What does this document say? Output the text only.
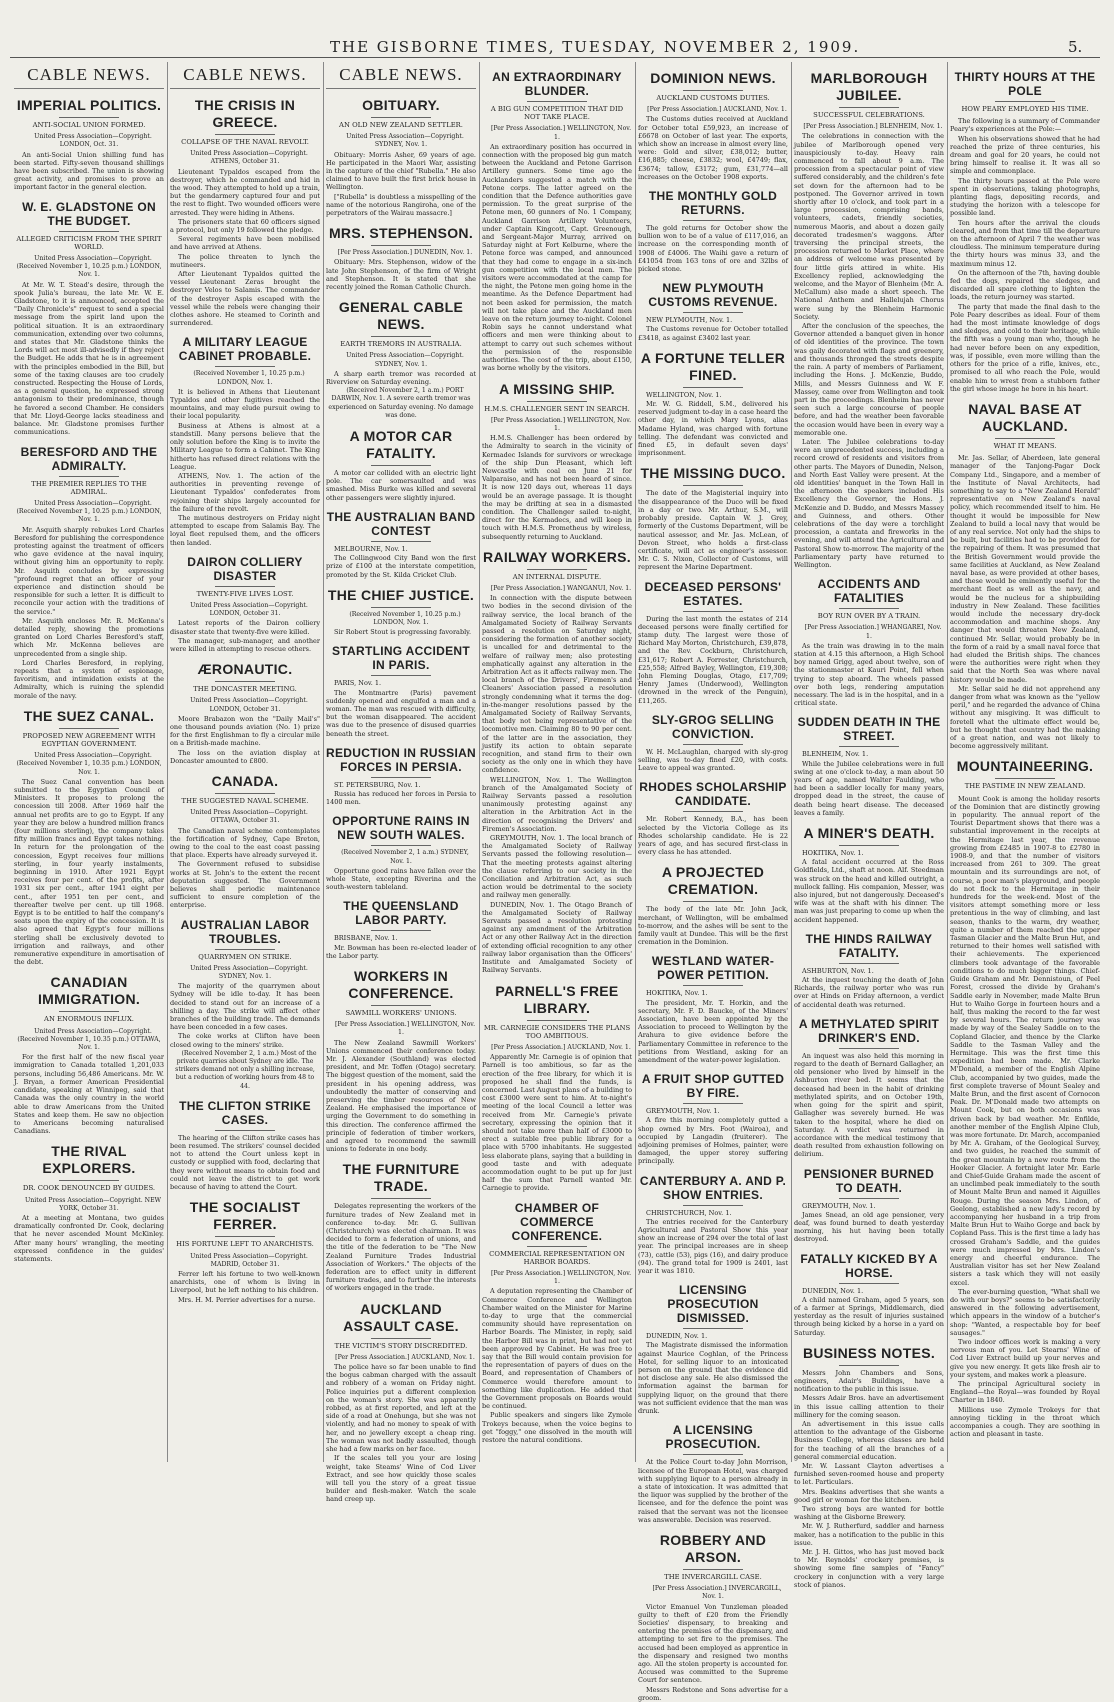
THE GISBORNE TIMES, TUESDAY, NOVEMBER 2, 1909.	5.
CABLE NEWS.
IMPERIAL POLITICS.
ANTI-SOCIAL UNION FORMED.

United Press Association—Copyright. LONDON, Oct. 31.

An anti-Social Union shilling fund has been started. Fifty-seven thousand shillings have been subscribed. The union is showing great activity, and promises to prove an important factor in the general election.

W. E. GLADSTONE ON THE BUDGET.
ALLEGED CRITICISM FROM THE SPIRIT WORLD.

United Press Association—Copyright. (Received November 1, 10.25 p.m.) LONDON, Nov. 1.

At Mr. W. T. Stead's desire, through the spook Julia's bureau, the late Mr. W. E. Gladstone, to it is announced, accepted the "Daily Chronicle's" request to send a special message from the spirit land upon the political situation. It is an extraordinary communication, extending over two columns, and states that Mr. Gladstone thinks the Lords will act most ill-advisedly if they reject the Budget. He adds that he is in agreement with the principles embodied in the Bill, but some of the taxing clauses are too crudely constructed. Respecting the House of Lords, as a general question, he expressed strong antagonism to their predominance, though he favored a second Chamber. He considers that Mr. Lloyd-George lacks steadiness and balance. Mr. Gladstone promises further communications.

BERESFORD AND THE ADMIRALTY.
THE PREMIER REPLIES TO THE ADMIRAL.

United Press Association—Copyright. (Received November 1, 10.25 p.m.) LONDON, Nov. 1.

Mr. Asquith sharply rebukes Lord Charles Beresford for publishing the correspondence protesting against the treatment of officers who gave evidence at the naval inquiry, without giving him an opportunity to reply. Mr. Asquith concludes by expressing "profound regret that an officer of your experience and distinction should be responsible for such a letter. It is difficult to reconcile your action with the traditions of the service."

Mr. Asquith encloses Mr. R. McKenna's detailed reply, showing the promotions granted on Lord Charles Beresford's staff, which Mr. McKenna believes are unprecedented from a single ship.

Lord Charles Beresford, in replying, repeats that a system of espionage, favoritism, and intimidation exists at the Admiralty, which is ruining the splendid morale of the navy.

THE SUEZ CANAL.
PROPOSED NEW AGREEMENT WITH EGYPTIAN GOVERNMENT.

United Press Association—Copyright. (Received November 1, 10.35 p.m.) LONDON, Nov. 1.

The Suez Canal convention has been submitted to the Egyptian Council of Ministers. It proposes to prolong the concession till 2008. After 1969 half the annual net profits are to go to Egypt. If any year they are below a hundred million francs (four millions sterling), the company takes fifty million francs and Egypt takes nothing. In return for the prolongation of the concession, Egypt receives four millions sterling, in four yearly instalments, beginning in 1910. After 1921 Egypt receives four per cent. of the profits, after 1931 six per cent., after 1941 eight per cent., after 1951 ten per cent., and thereafter twelve per cent. up till 1968. Egypt is to be entitled to half the company's seats upon the expiry of the concession. It is also agreed that Egypt's four millions sterling shall be exclusively devoted to irrigation and railways, and other remunerative expenditure in amortisation of the debt.

CANADIAN IMMIGRATION.
AN ENORMOUS INFLUX.

United Press Association—Copyright. (Received November 1, 10.35 p.m.) OTTAWA, Nov. 1.

For the first half of the new fiscal year immigration to Canada totalled 1,201,033 persons, including 56,486 Americans. Mr. W. J. Bryan, a former American Presidential candidate, speaking at Winnipeg, said that Canada was the only country in the world able to draw Americans from the United States and keep them. He saw no objection to Americans becoming naturalised Canadians.

THE RIVAL EXPLORERS.
DR. COOK DENOUNCED BY GUIDES.

United Press Association—Copyright. NEW YORK, October 31.

At a meeting at Montana, two guides dramatically confronted Dr. Cook, declaring that he never ascended Mount McKinley. After many hours' wrangling, the meeting expressed confidence in the guides' statements.

CABLE NEWS.
THE CRISIS IN GREECE.
COLLAPSE OF THE NAVAL REVOLT.

United Press Association—Copyright. ATHENS, October 31.

Lieutenant Typaldos escaped from the destroyer, which he commanded and hid in the wood. They attempted to hold up a train, but the gendarmery captured four and put the rest to flight. Two wounded officers were arrested. They were hiding in Athens.

The prisoners state that 60 officers signed a protocol, but only 19 followed the pledge.

Several regiments have been mobilised and have arrived at Athens.

The police threaten to lynch the mutineers.

After Lieutenant Typaldos quitted the vessel Lieutenant Zeras brought the destroyer Velos to Salamis. The commander of the destroyer Aspis escaped with the vessel while the rebels were changing their clothes ashore. He steamed to Corinth and surrendered.

A MILITARY LEAGUE CABINET PROBABLE.

(Received November 1, 10.25 p.m.) LONDON, Nov. 1.

It is believed in Athens that Lieutenant Typaldos and other fugitives reached the mountains, and may elude pursuit owing to their local popularity.

Business at Athens is almost at a standstill. Many persons believe that the only solution before the King is to invite the Military League to form a Cabinet. The King hitherto has refused direct relations with the League.

ATHENS, Nov. 1. The action of the authorities in preventing revenge of Lieutenant Typaldos' confederates from rejoining their ships largely accounted for the failure of the revolt.

The mutinous destroyers on Friday night attempted to escape from Salamis Bay. The loyal fleet repulsed them, and the officers then landed.

DAIRON COLLIERY DISASTER
TWENTY-FIVE LIVES LOST.

United Press Association—Copyright. LONDON, October 31.

Latest reports of the Dairon colliery disaster state that twenty-five were killed.

The manager, sub-manager, and another were killed in attempting to rescue others.

ÆRONAUTIC.
THE DONCASTER MEETING.

United Press Association—Copyright. LONDON, October 31.

Moore Brabazon won the "Daily Mail's" one thousand pounds aviation (No. 1) prize for the first Englishman to fly a circular mile on a British-made machine.

The loss on the aviation display at Doncaster amounted to £800.

CANADA.
THE SUGGESTED NAVAL SCHEME.

United Press Association—Copyright. OTTAWA, October 31.

The Canadian naval scheme contemplates the fortification of Sydney, Cape Breton, owing to the coal to the east coast passing that place. Experts have already surveyed it.

The Government refused to subsidise works at St. John's to the extent the recent deputation suggested. The Government believes shall periodic maintenance sufficient to ensure completion of the enterprise.

AUSTRALIAN LABOR TROUBLES.
QUARRYMEN ON STRIKE.

United Press Association—Copyright. SYDNEY, Nov. 1.

The majority of the quarrymen about Sydney will be idle to-day. It has been decided to stand out for an increase of a shilling a day. The strike will affect other branches of the building trade. The demands have been conceded in a few cases.

The coke works at Clifton have been closed owing to the miners' strike.

(Received November 2, 1 a.m.) Most of the private quarries about Sydney are idle. The strikers demand not only a shilling increase, but a reduction of working hours from 48 to 44.

THE CLIFTON STRIKE CASES.

The hearing of the Clifton strike cases has been resumed. The strikers' counsel decided not to attend the Court unless kept in custody or supplied with food, declaring that they were without means to obtain food and could not leave the district to get work because of having to attend the Court.

THE SOCIALIST FERRER.
HIS FORTUNE LEFT TO ANARCHISTS.

United Press Association—Copyright. MADRID, October 31.

Ferrer left his fortune to two well-known anarchists, one of whom is living in Liverpool, but he left nothing to his children.

Mrs. H. M. Perrier advertises for a nurse.

CABLE NEWS.
OBITUARY.
AN OLD NEW ZEALAND SETTLER.

United Press Association—Copyright. SYDNEY, Nov. 1.

Obituary: Morris Asher, 69 years of age. He participated in the Maori War, assisting in the capture of the chief "Rubella." He also claimed to have built the first brick house in Wellington.

["Rubella" is doubtless a misspelling of the name of the notorious Rangiroha, one of the perpetrators of the Wairau massacre.]

MRS. STEPHENSON.

[Per Press Association.] DUNEDIN, Nov. 1.

Obituary: Mrs. Stephenson, widow of the late John Stephenson, of the firm of Wright and Stephenson. It is stated that she recently joined the Roman Catholic Church.

GENERAL CABLE NEWS.
EARTH TREMORS IN AUSTRALIA.

United Press Association—Copyright. SYDNEY, Nov. 1.

A sharp earth tremor was recorded at Riverview on Saturday evening.

(Received November 2, 1 a.m.) PORT DARWIN, Nov. 1. A severe earth tremor was experienced on Saturday evening. No damage was done.

A MOTOR CAR FATALITY.

A motor car collided with an electric light pole. The car somersaulted and was smashed. Miss Burke was killed and several other passengers were slightly injured.

THE AUSTRALIAN BAND CONTEST

MELBOURNE, Nov. 1.

The Collingwood City Band won the first prize of £100 at the interstate competition, promoted by the St. Kilda Cricket Club.

THE CHIEF JUSTICE.

(Received November 1, 10.25 p.m.) LONDON, Nov. 1.

Sir Robert Stout is progressing favorably.

STARTLING ACCIDENT IN PARIS.

PARIS, Nov. 1.

The Montmartre (Paris) pavement suddenly opened and engulfed a man and a woman. The man was rescued with difficulty, but the woman disappeared. The accident was due to the presence of disused quarries beneath the street.

REDUCTION IN RUSSIAN FORCES IN PERSIA.

ST. PETERSBURG, Nov. 1.

Russia has reduced her forces in Persia to 1400 men.

OPPORTUNE RAINS IN NEW SOUTH WALES.

(Received November 2, 1 a.m.) SYDNEY, Nov. 1.

Opportune good rains have fallen over the whole State, excepting Riverina and the south-western tableland.

THE QUEENSLAND LABOR PARTY.

BRISBANE, Nov. 1.

Mr. Bowman has been re-elected leader of the Labor party.

WORKERS IN CONFERENCE.
SAWMILL WORKERS' UNIONS.

[Per Press Association.] WELLINGTON, Nov. 1.

The New Zealand Sawmill Workers' Unions commenced their conference today. Mr. J. Alexander (Southland) was elected president, and Mr. Toffen (Otago) secretary. The biggest question of the moment, said the president in his opening address, was undoubtedly the matter of conserving and preserving the timber resources of New Zealand. He emphasised the importance of urging the Government to do something in this direction. The conference affirmed the principle of federation of timber workers, and agreed to recommend the sawmill unions to federate in one body.

THE FURNITURE TRADE.

Delegates representing the workers of the furniture trades of New Zealand met in conference to-day. Mr. G. Sullivan (Christchurch) was elected chairman. It was decided to form a federation of unions, and the title of the federation to be "The New Zealand Furniture Trades Industrial Association of Workers." The objects of the federation are to effect unity in different furniture trades, and to further the interests of workers engaged in the trade.

AUCKLAND ASSAULT CASE.
THE VICTIM'S STORY DISCREDITED.

[Per Press Association.] AUCKLAND, Nov. 1.

The police have so far been unable to find the bogus cabman charged with the assault and robbery of a woman on Friday night. Police inquiries put a different complexion on the woman's story. She was apparently robbed, as at first reported, and left at the side of a road at Onehunga, but she was not violently, and had no money to speak of with her, and no jewellery except a cheap ring. The woman was not badly assaulted, though she had a few marks on her face.

If the scales tell you your are losing weight, take Steams' Wine of Cod Liver Extract, and see how quickly those scales will tell you the story of a great tissue builder and flesh-maker. Watch the scale hand creep up.

AN EXTRAORDINARY BLUNDER.
A BIG GUN COMPETITION THAT DID NOT TAKE PLACE.

[Per Press Association.] WELLINGTON, Nov. 1.

An extraordinary position has occurred in connection with the proposed big gun match between the Auckland and Petone Garrison Artillery gunners. Some time ago the Aucklanders suggested a match with the Petone corps. The latter agreed on the condition that the Defence authorities gave permission. To the great surprise of the Petone men, 60 gunners of No. 1 Company, Auckland Garrison Artillery Volunteers, under Captain Kingcott, Capt. Greenough, and Sergeant-Major Murray, arrived on Saturday night at Fort Kelburne, where the Petone force was camped, and announced that they had come to engage in a six-inch gun competition with the local men. The visitors were accommodated at the camp for the night, the Petone men going home in the meantime. As the Defence Department had not been asked for permission, the match will not take place and the Auckland men leave on the return journey to-night. Colonel Robin says he cannot understand what officers and men were thinking about to attempt to carry out such schemes without the permission of the responsible authorities. The cost of the trip, about £150, was borne wholly by the visitors.

A MISSING SHIP.
H.M.S. CHALLENGER SENT IN SEARCH.

[Per Press Association.] WELLINGTON, Nov. 1.

H.M.S. Challenger has been ordered by the Admiralty to search in the vicinity of Kermadec Islands for survivors or wreckage of the ship Dun Pleasant, which left Newcastle with coal on June 21 for Valparaiso, and has not been heard of since. It is now 120 days out, whereas 11 days would be an average passage. It is thought the may be drifting at sea in a dismasted condition. The Challenger sailed to-night, direct for the Kermadecs, and will keep in touch with H.M.S. Prometheus by wireless, subsequently returning to Auckland.

RAILWAY WORKERS.
AN INTERNAL DISPUTE.

[Per Press Association.] WANGANUI, Nov. 1.

In connection with the dispute between two bodies in the second division of the railway service, the local branch of the Amalgamated Society of Railway Servants passed a resolution on Saturday night, considering the formation of another society is uncalled for and detrimental to the welfare of railway men; also protesting emphatically against any alteration in the Arbitration Act as it affects railway men. The local branch of the Drivers', Firemen's and Cleaners' Association passed a resolution strongly condemning what it terms the dog-in-the-manger resolutions passed by the Amalgamated Society of Railway Servants, that body not being representative of the locomotive men. Claiming 80 to 90 per cent. of the latter are in the association, they justify its action to obtain separate recognition, and stand firm to their own society as the only one in which they have confidence.

WELLINGTON, Nov. 1. The Wellington branch of the Amalgamated Society of Railway Servants passed a resolution unanimously protesting against any alteration in the Arbitration Act in the direction of recognising the Drivers' and Firemen's Association.

GREYMOUTH, Nov. 1. The local branch of the Amalgamated Society of Railway Servants passed the following resolution—That the meeting protests against altering the clause referring to our society in the Conciliation and Arbitration Act, as such action would be detrimental to the society and railway men generally.

DUNEDIN, Nov. 1. The Otago Branch of the Amalgamated Society of Railway Servants passed a resolution protesting against any amendment of the Arbitration Act or any other Railway Act in the direction of extending official recognition to any other railway labor organisation than the Officers' Institute and Amalgamated Society of Railway Servants.

PARNELL'S FREE LIBRARY.
MR. CARNEGIE CONSIDERS THE PLANS TOO AMBITIOUS.

[Per Press Association.] AUCKLAND, Nov. 1.

Apparently Mr. Carnegie is of opinion that Parnell is too ambitious, so far as the erection of the free library, for which it is proposed he shall find the funds, is concerned. Last August plans of a building to cost £3000 were sent to him. At to-night's meeting of the local Council a letter was received from Mr. Carnegie's private secretary, expressing the opinion that it should not take more than half of £3000 to erect a suitable free public library for a place with 5700 inhabitants. He suggested less elaborate plans, saying that a building in good taste and with adequate accommodation ought to be put up for just half the sum that Parnell wanted Mr. Carnegie to provide.

CHAMBER OF COMMERCE CONFERENCE.
COMMERCIAL REPRESENTATION ON HARBOR BOARDS.

[Per Press Association.] WELLINGTON, Nov. 1.

A deputation representing the Chamber of Commerce Conference and Wellington Chamber waited on the Minister for Marine to-day to urge that the commercial community should have representation on Harbor Boards. The Minister, in reply, said the Harbor Bill was in print, but had not yet been approved by Cabinet. He was free to say that the Bill would contain provision for the representation of payers of dues on the Board, and representation of Chambers of Commerce would therefore amount to something like duplication. He added that the Government proposals on Boards would be continued.

Public speakers and singers like Zymole Trokeys because, when the voice begins to get "foggy," one dissolved in the mouth will restore the natural conditions.

DOMINION NEWS.
AUCKLAND CUSTOMS DUTIES.

[Per Press Association.] AUCKLAND, Nov. 1.

The Customs duties received at Auckland for October total £59,923, an increase of £6678 on October of last year. The exports, which show an increase in almost every line, were: Gold and silver, £38,012; butter, £16,885; cheese, £3832; wool, £4749; flax, £3674; tallow, £3172; gum, £31,774—all increases on the October 1908 exports.

THE MONTHLY GOLD RETURNS.

The gold returns for October show the bullion won to be of a value of £117,016, an increase on the corresponding month of 1908 of £4006. The Waihi gave a return of £41054 from 163 tons of ore and 32lbs of picked stone.

NEW PLYMOUTH CUSTOMS REVENUE.

NEW PLYMOUTH, Nov. 1.

The Customs revenue for October totalled £3418, as against £3402 last year.

A FORTUNE TELLER FINED.

WELLINGTON, Nov. 1.

Mr. W. G. Riddell, S.M., delivered his reserved judgment to-day in a case heard the other day, in which Mary Lyons, alias Madame Hyland, was charged with fortune telling. The defendant was convicted and fined £5, in default seven days' imprisonment.

THE MISSING DUCO.

The date of the Magisterial inquiry into the disappearance of the Duco will be fixed in a day or two. Mr. Arthur, S.M., will probably preside. Captain W. J. Grey, formerly of the Customs Department, will be nautical assessor, and Mr. Jas. McLean, of Devon Street, who holds a first-class certificate, will act as engineer's assessor. Mr. C. S. Nixon, Collector of Customs, will represent the Marine Department.

DECEASED PERSONS' ESTATES.

During the last month the estates of 214 deceased persons were finally certified for stamp duty. The largest were those of Richard May Morton, Christchurch, £39,878, and the Rev. Cockburn, Christchurch, £31,617; Robert A. Forrester, Christchurch, £25,558; Alfred Bayley, Wellington, £19,308; John Fleming Douglas, Otago, £17,709; Henry James (Underwood), Wellington (drowned in the wreck of the Penguin), £11,265.

SLY-GROG SELLING CONVICTION.

W. H. McLaughlan, charged with sly-grog selling, was to-day fined £20, with costs. Leave to appeal was granted.

RHODES SCHOLARSHIP CANDIDATE.

Mr. Robert Kennedy, B.A., has been selected by the Victoria College as its Rhodes scholarship candidate. He is 22 years of age, and has secured first-class in every class he has attended.

A PROJECTED CREMATION.

The body of the late Mr. John Jack, merchant, of Wellington, will be embalmed to-morrow, and the ashes will be sent to the family vault at Dundee. This will be the first cremation in the Dominion.

WESTLAND WATER-POWER PETITION.

HOKITIKA, Nov. 1.

The president, Mr. T. Horkin, and the secretary, Mr. F. D. Baucke, of the Miners' Association, have been appointed by the Association to proceed to Wellington by the Arahura to give evidence before the Parliamentary Committee in reference to the petitions from Westland, asking for an amendment of the water-power legislation.

A FRUIT SHOP GUTTED BY FIRE.

GREYMOUTH, Nov. 1.

A fire this morning completely gutted a shop owned by Mrs. Foot (Wairoa), and occupied by Langadin (fruiterer). The adjoining premises of Holmes, painter, were damaged, the upper storey suffering principally.

CANTERBURY A. AND P. SHOW ENTRIES.

CHRISTCHURCH, Nov. 1.

The entries received for the Canterbury Agricultural and Pastoral Show this year show an increase of 294 over the total of last year. The principal increases are in sheep (73), cattle (53), pigs (16), and dairy produce (94). The grand total for 1909 is 2401, last year it was 1810.

LICENSING PROSECUTION DISMISSED.

DUNEDIN, Nov. 1.

The Magistrate dismissed the information against Maurice Coghlan, of the Princess Hotel, for selling liquor to an intoxicated person on the ground that the evidence did not disclose any sale. He also dismissed the information against the barman for supplying liquor, on the ground that there was not sufficient evidence that the man was drunk.

A LICENSING PROSECUTION.

At the Police Court to-day John Morrison, licensee of the European Hotel, was charged with supplying liquor to a person already in a state of intoxication. It was admitted that the liquor was supplied by the brother of the licensee, and for the defence the point was raised that the servant was not the licensee was answerable. Decision was reserved.

ROBBERY AND ARSON.
THE INVERCARGILL CASE.

[Per Press Association.] INVERCARGILL, Nov. 1.

Victor Emanuel Von Tunzleman pleaded guilty to theft of £20 from the Friendly Societies' dispensary, to breaking and entering the premises of the dispensary, and attempting to set fire to the premises. The accused had been employed as apprentice in the dispensary and resigned two months ago. All the stolen property is accounted for. Accused was committed to the Supreme Court for sentence.

Messrs Redstone and Sons advertise for a groom.

MARLBOROUGH JUBILEE.
SUCCESSFUL CELEBRATIONS.

[Per Press Association.] BLENHEIM, Nov. 1.

The celebrations in connection with the jubilee of Marlborough opened very inauspiciously to-day. Heavy rain commenced to fall about 9 a.m. The procession from a spectacular point of view suffered considerably, and the children's fete set down for the afternoon had to be postponed. The Governor arrived in town shortly after 10 o'clock, and took part in a large procession, comprising bands, volunteers, cadets, friendly societies, numerous Maoris, and about a dozen gaily decorated tradesmen's waggons. After traversing the principal streets, the procession returned to Market Place, where an address of welcome was presented by four little girls attired in white. His Excellency replied, acknowledging the welcome, and the Mayor of Blenheim (Mr. A. McCallum) also made a short speech. The National Anthem and Hallelujah Chorus were sung by the Blenheim Harmonic Society.

After the conclusion of the speeches, the Governor attended a banquet given in honor of old identities of the province. The town was gaily decorated with flags and greenery, and thousands thronged the streets despite the rain. A party of members of Parliament, including the Hons. J. McKenzie, Buddo, Mills, and Messrs Guinness and W. F. Massey, came over from Wellington and took part in the proceedings. Blenheim has never seen such a large concourse of people before, and had the weather been favorable the occasion would have been in every way a memorable one.

Later. The Jubilee celebrations to-day were an unprecedented success, including a record crowd of residents and visitors from other parts. The Mayors of Dunedin, Nelson, and North East Valley were present. At the old identities' banquet in the Town Hall in the afternoon the speakers included His Excellency the Governor, the Hons. J. McKenzie and D. Buddo, and Messrs Massey and Guinness, and others. Other celebrations of the day were a torchlight procession, a cantata and fireworks in the evening, and will attend the Agricultural and Pastoral Show to-morrow. The majority of the Parliamentary party have returned to Wellington.

ACCIDENTS AND FATALITIES
BOY RUN OVER BY A TRAIN.

[Per Press Association.] WHANGAREI, Nov. 1.

As the train was drawing in to the main station at 4.15 this afternoon, a High School boy named Grigg, aged about twelve, son of the stationmaster at Kauri Point, fell when trying to step aboard. The wheels passed over both legs, rendering amputation necessary. The lad is in the hospital, and in a critical state.

SUDDEN DEATH IN THE STREET.

BLENHEIM, Nov. 1.

While the Jubilee celebrations were in full swing at one o'clock to-day, a man about 50 years of age, named Walter Faulding, who had been a saddler locally for many years, dropped dead in the street, the cause of death being heart disease. The deceased leaves a family.

A MINER'S DEATH.

HOKITIKA, Nov. 1.

A fatal accident occurred at the Ross Goldfields, Ltd., shaft at noon. Alf. Steedman was struck on the head and killed outright, a mullock falling. His companion, Messer, was also injured, but not dangerously. Deceased's wife was at the shaft with his dinner. The man was just preparing to come up when the accident happened.

THE HINDS RAILWAY FATALITY.

ASHBURTON, Nov. 1.

At the inquest touching the death of John Richards, the railway porter who was run over at Hinds on Friday afternoon, a verdict of accidental death was returned.

A METHYLATED SPIRIT DRINKER'S END.

An inquest was also held this morning in regard to the death of Bernard Gallagher, an old pensioner who lived by himself in the Ashburton river bed. It seems that the deceased had been in the habit of drinking methylated spirits, and on October 19th, when going for the spirit and spirit, Gallagher was severely burned. He was taken to the hospital, where he died on Saturday. A verdict was returned in accordance with the medical testimony that death resulted from exhaustion following on delirium.

PENSIONER BURNED TO DEATH.

GREYMOUTH, Nov. 1.

James Snead, an old age pensioner, very deaf, was found burned to death yesterday morning, his hut having been totally destroyed.

FATALLY KICKED BY A HORSE.

DUNEDIN, Nov. 1.

A child named Graham, aged 5 years, son of a farmer at Springs, Middlemarch, died yesterday as the result of injuries sustained through being kicked by a horse in a yard on Saturday.

BUSINESS NOTES.

Messrs John Chambers and Sons, engineers, Adair's Buildings, have a notification to the public in this issue.

Messrs Adair Bros. have an advertisement in this issue calling attention to their millinery for the coming season.

An advertisement in this issue calls attention to the advantage of the Gisborne Business College, whereas classes are held for the teaching of all the branches of a general commercial education.

Mr. W. Lassant Clayton advertises a furnished seven-roomed house and property to let. Particulars.

Mrs. Beakins advertises that she wants a good girl or woman for the kitchen.

Two strong boys are wanted for bottle washing at the Gisborne Brewery.

Mr. W. J. Rutherfurd, saddler and harness maker, has a notification to the public in this issue.

Mr. J. H. Gittos, who has just moved back to Mr. Reynolds' crockery premises, is showing some fine samples of "Fancy" crockery in conjunction with a very large stock of pianos.

THIRTY HOURS AT THE POLE
HOW PEARY EMPLOYED HIS TIME.

The following is a summary of Commander Peary's experiences at the Pole:—

When his observations showed that he had reached the prize of three centuries, his dream and goal for 20 years, he could not bring himself to realise it. It was all so simple and commonplace.

The thirty hours passed at the Pole were spent in observations, taking photographs, planting flags, depositing records, and studying the horizon with a telescope for possible land.

Ten hours after the arrival the clouds cleared, and from that time till the departure on the afternoon of April 7 the weather was cloudless. The minimum temperature during the thirty hours was minus 33, and the maximum minus 12.

On the afternoon of the 7th, having double fed the dogs, repaired the sledges, and discarded all spare clothing to lighten the loads, the return journey was started.

The party that made the final dash to the Pole Peary describes as ideal. Four of them had the most intimate knowledge of dogs and sledges, and cold to their heritage, while the fifth was a young man who, though he had never before been on any expedition, was, if possible, even more willing than the others for the price of a rifle, knives, etc., promised to all who reach the Pole, would enable him to wrest from a stubborn father the girl whose image he bore in his heart.

NAVAL BASE AT AUCKLAND.
WHAT IT MEANS.

Mr. Jas. Sellar, of Aberdeen, late general manager of the Tanjong-Pagar Dock Company Ltd., Singapore, and a member of the Institute of Naval Architects, had something to say to a "New Zealand Herald" representative on New Zealand's naval policy, which recommended itself to him. He thought it would be impossible for New Zealand to build a local navy that would be of any real service. Not only had the ships to be built, but facilities had to be provided for the repairing of them. It was presumed that the British Government would provide the same facilities at Auckland, as New Zealand naval base, as were provided at other bases, and these would be eminently useful for the merchant fleet as well as the navy, and would be the nucleus for a shipbuilding industry in New Zealand. These facilities would include the necessary dry-dock accommodation and machine shops. Any danger that would threaten New Zealand, continued Mr. Sellar, would probably be in the form of a raid by a small naval force that had eluded the British ships. The chances were the authorities were right when they said that the North Sea was where naval history would be made.

Mr. Sellar said he did not apprehend any danger from what was known as the "yellow peril," and he regarded the advance of China without any misgiving. It was difficult to foretell what the ultimate effect would be, but he thought that country had the making of a great nation, and was not likely to become aggressively militant.

MOUNTAINEERING.
THE PASTIME IN NEW ZEALAND.

Mount Cook is among the holiday resorts of the Dominion that are distinctly growing in popularity. The annual report of the Tourist Department shows that there was a substantial improvement in the receipts at the Hermitage last year, the revenue growing from £2485 in 1907-8 to £2780 in 1908-9, and that the number of visitors increased from 261 to 309. The great mountain and its surroundings are not, of course, a poor man's playground, and people do not flock to the Hermitage in their hundreds for the week-end. Most of the visitors attempt something more or less pretentious in the way of climbing, and last season, thanks to the warm, dry weather, quite a number of them reached the upper Tasman Glacier and the Malte Brun Hut, and returned to their homes well satisfied with their achievements. The experienced climbers took advantage of the favorable conditions to do much bigger things. Chief-Guide Graham and Mr. Dennistoun, of Peel Forest, crossed the divide by Graham's Saddle early in November, made Malte Brun Hut to Waiho Gorge in fourteen hours and a half, thus making the record to the far west by several hours. The return journey was made by way of the Sealey Saddle on to the Copland Glacier, and thence by the Clarke Saddle to the Tasman Valley and the Hermitage. This was the first time this expedition had been made. Mr. Clarke M'Donald, a member of the English Alpine Club, accompanied by two guides, made the first complete traverse of Mount Sealey and Malte Brun, and the first ascent of Cornocon Peak. Dr. M'Donald made two attempts on Mount Cook, but on both occasions was driven back by bad weather. Mr. Enfilde, another member of the English Alpine Club, was more fortunate. Dr. March, accompanied by Mr. A. Graham, of the Geological Survey, and two guides, he reached the summit of the great mountain by a new route from the Hooker Glacier. A fortnight later Mr. Earle and Chief-Guide Graham made the ascent of an unclimbed peak immediately to the south of Mount Malte Brun and named it Aiguilles Rouge. During the season Mrs. Lindon, of Geelong, established a new lady's record by accompanying her husband in a trip from Malte Brun Hut to Waiho Gorge and back by Copland Pass. This is the first time a lady has crossed Graham's Saddle, and the guides were much impressed by Mrs. Lindon's energy and cheerful endurance. The Australian visitor has set her New Zealand sisters a task which they will not easily excel.

The ever-burning question, "What shall we do with our boys?" seems to be satisfactorily answered in the following advertisement, which appears in the window of a butcher's shop: "Wanted, a respectable boy for beef sausages."

Two indoor offices work is making a very nervous man of you. Let Stearns' Wine of Cod Liver Extract build up your nerves and give you new energy. It gets like fresh air to your system, and makes work a pleasure.

The principal Agricultural society in England—the Royal—was founded by Royal Charter in 1840.

Millions use Zymole Trokeys for that annoying tickling in the throat which accompanies a cough. They are soothing in action and pleasant in taste.
